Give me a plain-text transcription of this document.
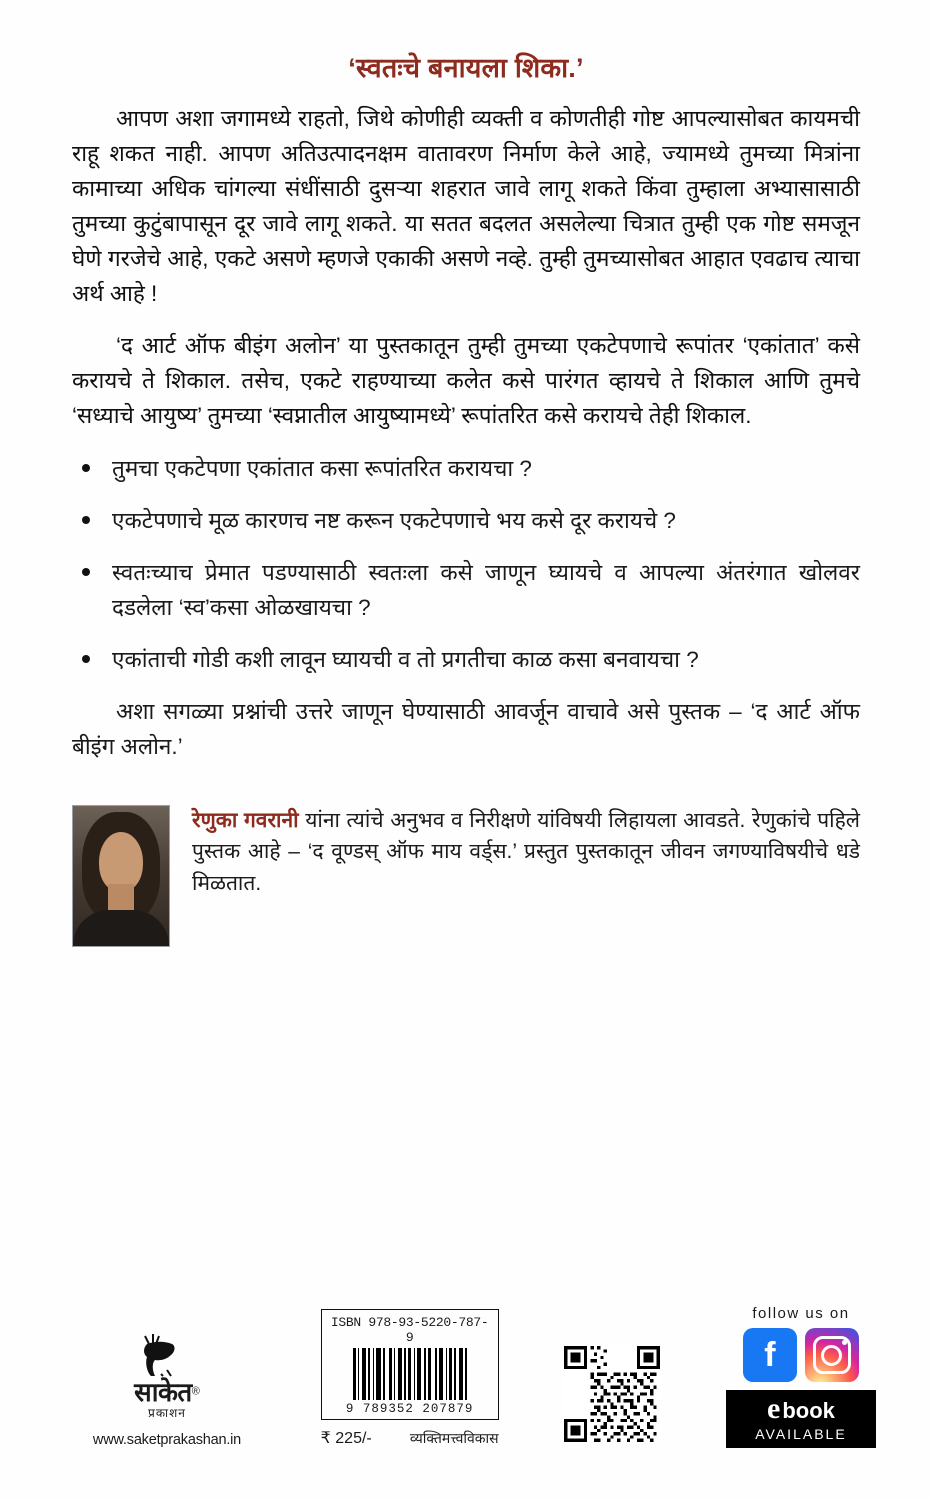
‘स्वतःचे बनायला शिका.’

आपण अशा जगामध्ये राहतो, जिथे कोणीही व्यक्ती व कोणतीही गोष्ट आपल्यासोबत कायमची राहू शकत नाही. आपण अतिउत्पादनक्षम वातावरण निर्माण केले आहे, ज्यामध्ये तुमच्या मित्रांना कामाच्या अधिक चांगल्या संधींसाठी दुसऱ्या शहरात जावे लागू शकते किंवा तुम्हाला अभ्यासासाठी तुमच्या कुटुंबापासून दूर जावे लागू शकते. या सतत बदलत असलेल्या चित्रात तुम्ही एक गोष्ट समजून घेणे गरजेचे आहे, एकटे असणे म्हणजे एकाकी असणे नव्हे. तुम्ही तुमच्यासोबत आहात एवढाच त्याचा अर्थ आहे !

‘द आर्ट ऑफ बीइंग अलोन’ या पुस्तकातून तुम्ही तुमच्या एकटेपणाचे रूपांतर ‘एकांतात’ कसे करायचे ते शिकाल. तसेच, एकटे राहण्याच्या कलेत कसे पारंगत व्हायचे ते शिकाल आणि तुमचे ‘सध्याचे आयुष्य’ तुमच्या ‘स्वप्नातील आयुष्यामध्ये’ रूपांतरित कसे करायचे तेही शिकाल.

तुमचा एकटेपणा एकांतात कसा रूपांतरित करायचा ?
एकटेपणाचे मूळ कारणच नष्ट करून एकटेपणाचे भय कसे दूर करायचे ?
स्वतःच्याच प्रेमात पडण्यासाठी स्वतःला कसे जाणून घ्यायचे व आपल्या अंतरंगात खोलवर दडलेला ‘स्व’कसा ओळखायचा ?
एकांताची गोडी कशी लावून घ्यायची व तो प्रगतीचा काळ कसा बनवायचा ?

अशा सगळ्या प्रश्नांची उत्तरे जाणून घेण्यासाठी आवर्जून वाचावे असे पुस्तक – ‘द आर्ट ऑफ बीइंग अलोन.’

रेणुका गवरानी यांना त्यांचे अनुभव व निरीक्षणे यांविषयी लिहायला आवडते. रेणुकांचे पहिले पुस्तक आहे – ‘द वूण्डस् ऑफ माय वर्ड्स.’ प्रस्तुत पुस्तकातून जीवन जगण्याविषयीचे धडे मिळतात.
साकेत®
प्रकाशन
www.saketprakashan.in
ISBN 978-93-5220-787-9
9 789352 207879
₹ 225/-	व्यक्तिमत्त्वविकास
follow us on
f
e book
AVAILABLE
